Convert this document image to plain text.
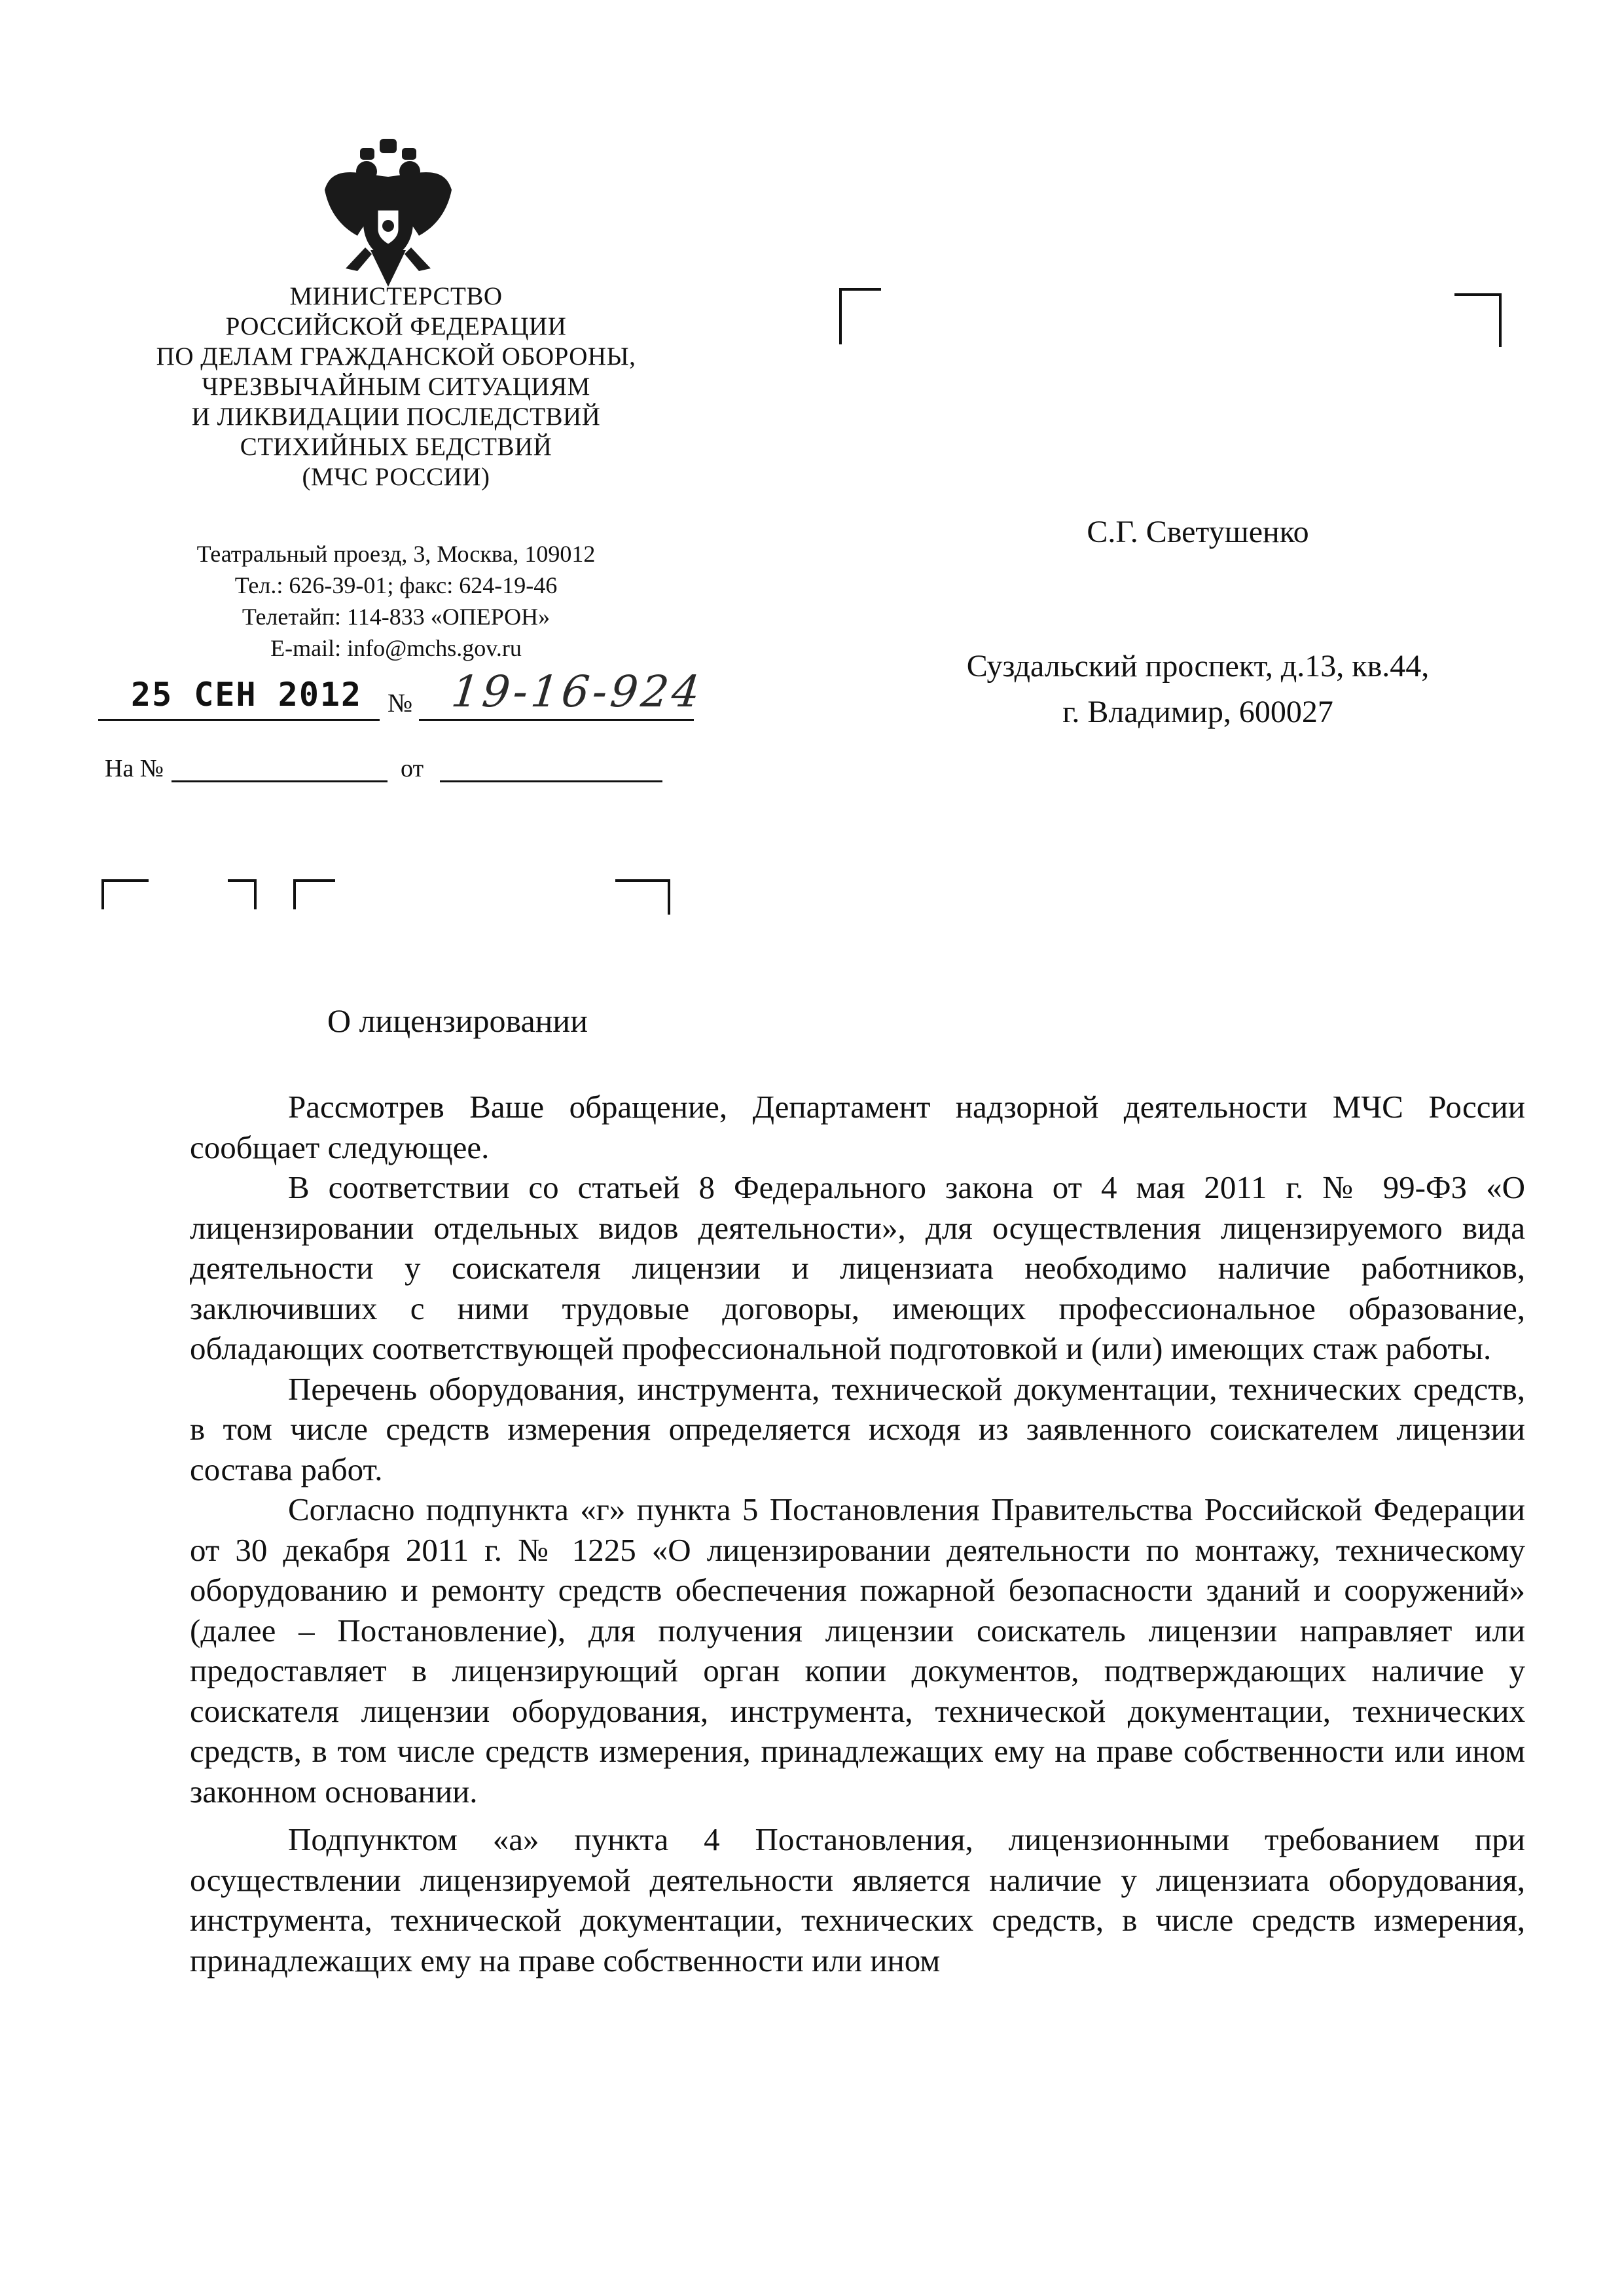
МИНИСТЕРСТВО
РОССИЙСКОЙ ФЕДЕРАЦИИ
ПО ДЕЛАМ ГРАЖДАНСКОЙ ОБОРОНЫ,
ЧРЕЗВЫЧАЙНЫМ СИТУАЦИЯМ
И ЛИКВИДАЦИИ ПОСЛЕДСТВИЙ
СТИХИЙНЫХ БЕДСТВИЙ
(МЧС РОССИИ)
Театральный проезд, 3, Москва, 109012
Тел.: 626-39-01; факс: 624-19-46
Телетайп: 114-833 «ОПЕРОН»
E-mail: info@mchs.gov.ru
25 СЕН 2012 № 19-16-924
На №	от
С.Г. Светушенко
Суздальский проспект, д.13, кв.44,
г. Владимир, 600027
О лицензировании

Рассмотрев Ваше обращение, Департамент надзорной деятельности МЧС России сообщает следующее.

В соответствии со статьей 8 Федерального закона от 4 мая 2011 г. № 99-ФЗ «О лицензировании отдельных видов деятельности», для осуществления лицензируемого вида деятельности у соискателя лицензии и лицензиата необходимо наличие работников, заключивших с ними трудовые договоры, имеющих профессиональное образование, обладающих соответствующей профессиональной подготовкой и (или) имеющих стаж работы.

Перечень оборудования, инструмента, технической документации, технических средств, в том числе средств измерения определяется исходя из заявленного соискателем лицензии состава работ.

Согласно подпункта «г» пункта 5 Постановления Правительства Российской Федерации от 30 декабря 2011 г. № 1225 «О лицензировании деятельности по монтажу, техническому оборудованию и ремонту средств обеспечения пожарной безопасности зданий и сооружений» (далее – Постановление), для получения лицензии соискатель лицензии направляет или предоставляет в лицензирующий орган копии документов, подтверждающих наличие у соискателя лицензии оборудования, инструмента, технической документации, технических средств, в том числе средств измерения, принадлежащих ему на праве собственности или ином законном основании.

Подпунктом «а» пункта 4 Постановления, лицензионными требованием при осуществлении лицензируемой деятельности является наличие у лицензиата оборудования, инструмента, технической документации, технических средств, в числе средств измерения, принадлежащих ему на праве собственности или ином
